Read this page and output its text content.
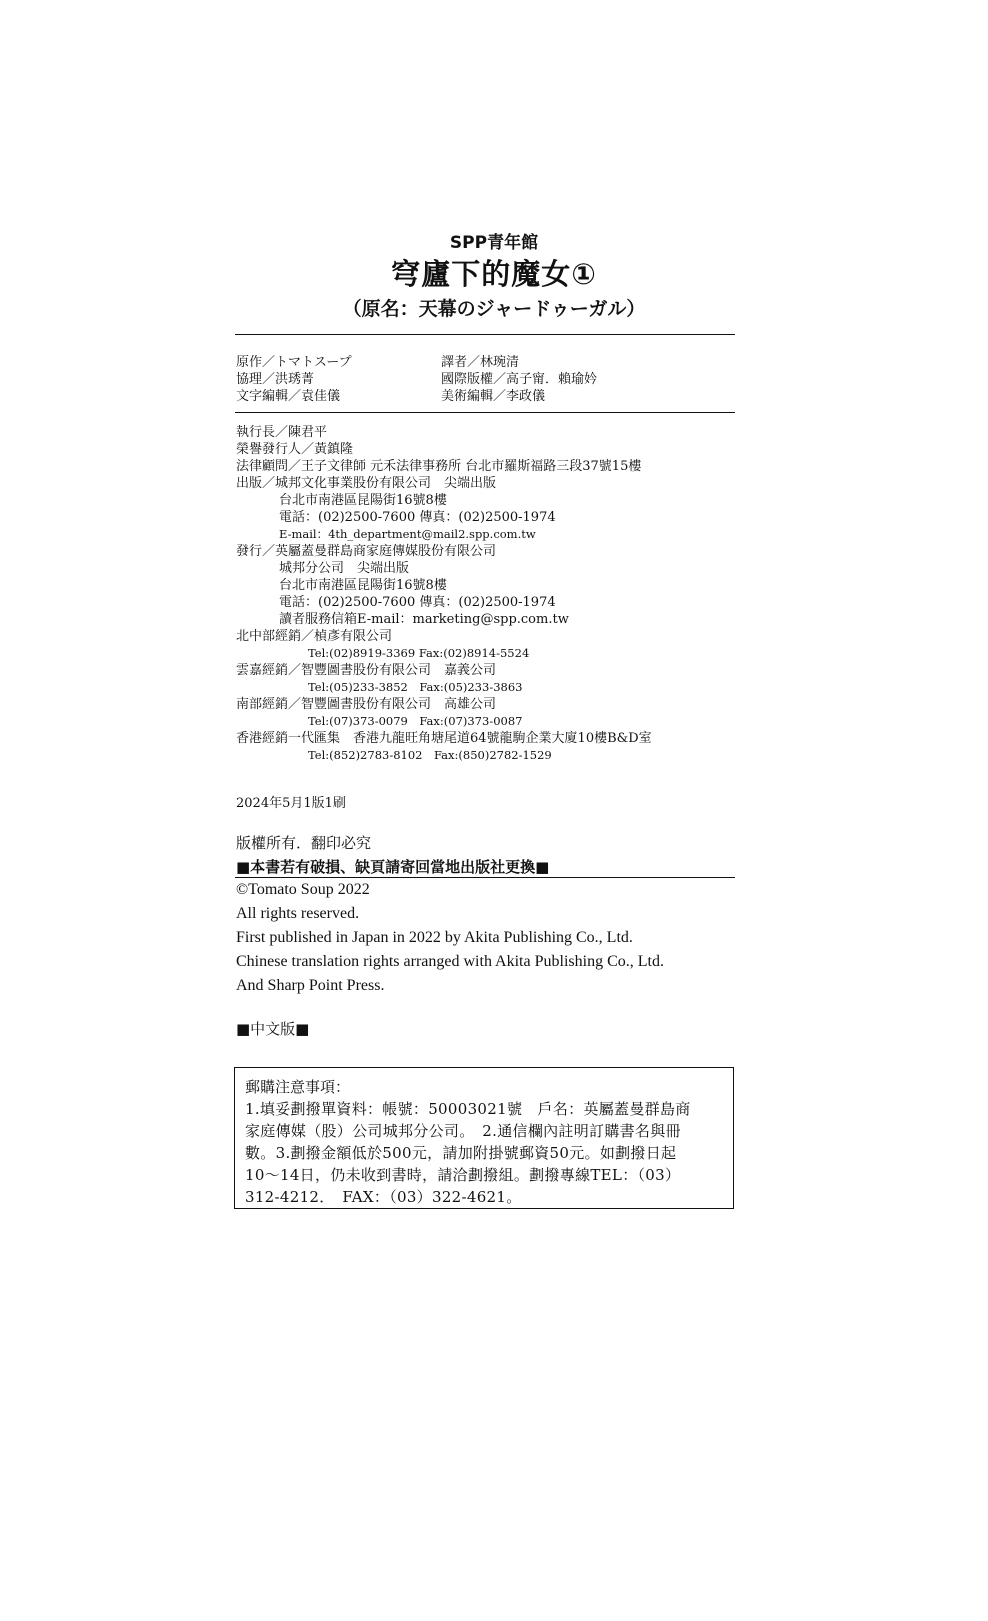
SPP青年館
穹廬下的魔女①
（原名：天幕のジャードゥーガル）
原作／トマトスープ
協理／洪琇菁
文字編輯／袁佳儀
譯者／林琬清
國際版權／高子甯．賴瑜妗
美術編輯／李政儀
執行長／陳君平
榮譽發行人／黃鎮隆
法律顧問／王子文律師 元禾法律事務所 台北市羅斯福路三段37號15樓
出版／城邦文化事業股份有限公司　尖端出版
台北市南港區昆陽街16號8樓
電話：(02)2500-7600 傳真：(02)2500-1974
E-mail：4th_department@mail2.spp.com.tw
發行／英屬蓋曼群島商家庭傳媒股份有限公司
城邦分公司　尖端出版
台北市南港區昆陽街16號8樓
電話：(02)2500-7600 傳真：(02)2500-1974
讀者服務信箱E-mail：marketing@spp.com.tw
北中部經銷／楨彥有限公司
Tel:(02)8919-3369 Fax:(02)8914-5524
雲嘉經銷／智豐圖書股份有限公司　嘉義公司
Tel:(05)233-3852　Fax:(05)233-3863
南部經銷／智豐圖書股份有限公司　高雄公司
Tel:(07)373-0079　Fax:(07)373-0087
香港經銷一代匯集　香港九龍旺角塘尾道64號龍駒企業大廈10樓B&D室
Tel:(852)2783-8102　Fax:(850)2782-1529
2024年5月1版1刷
版權所有．翻印必究
■本書若有破損、缺頁請寄回當地出版社更換■
©Tomato Soup 2022
All rights reserved.
First published in Japan in 2022 by Akita Publishing Co., Ltd.
Chinese translation rights arranged with Akita Publishing Co., Ltd.
And Sharp Point Press.
■中文版■
郵購注意事項：
1.填妥劃撥單資料：帳號：50003021號　戶名：英屬蓋曼群島商
家庭傳媒（股）公司城邦分公司。　2.通信欄內註明訂購書名與冊
數。3.劃撥金額低於500元，請加附掛號郵資50元。如劃撥日起
10～14日，仍未收到書時，請洽劃撥組。劃撥專線TEL：（03）
312-4212．　FAX：（03）322-4621。
